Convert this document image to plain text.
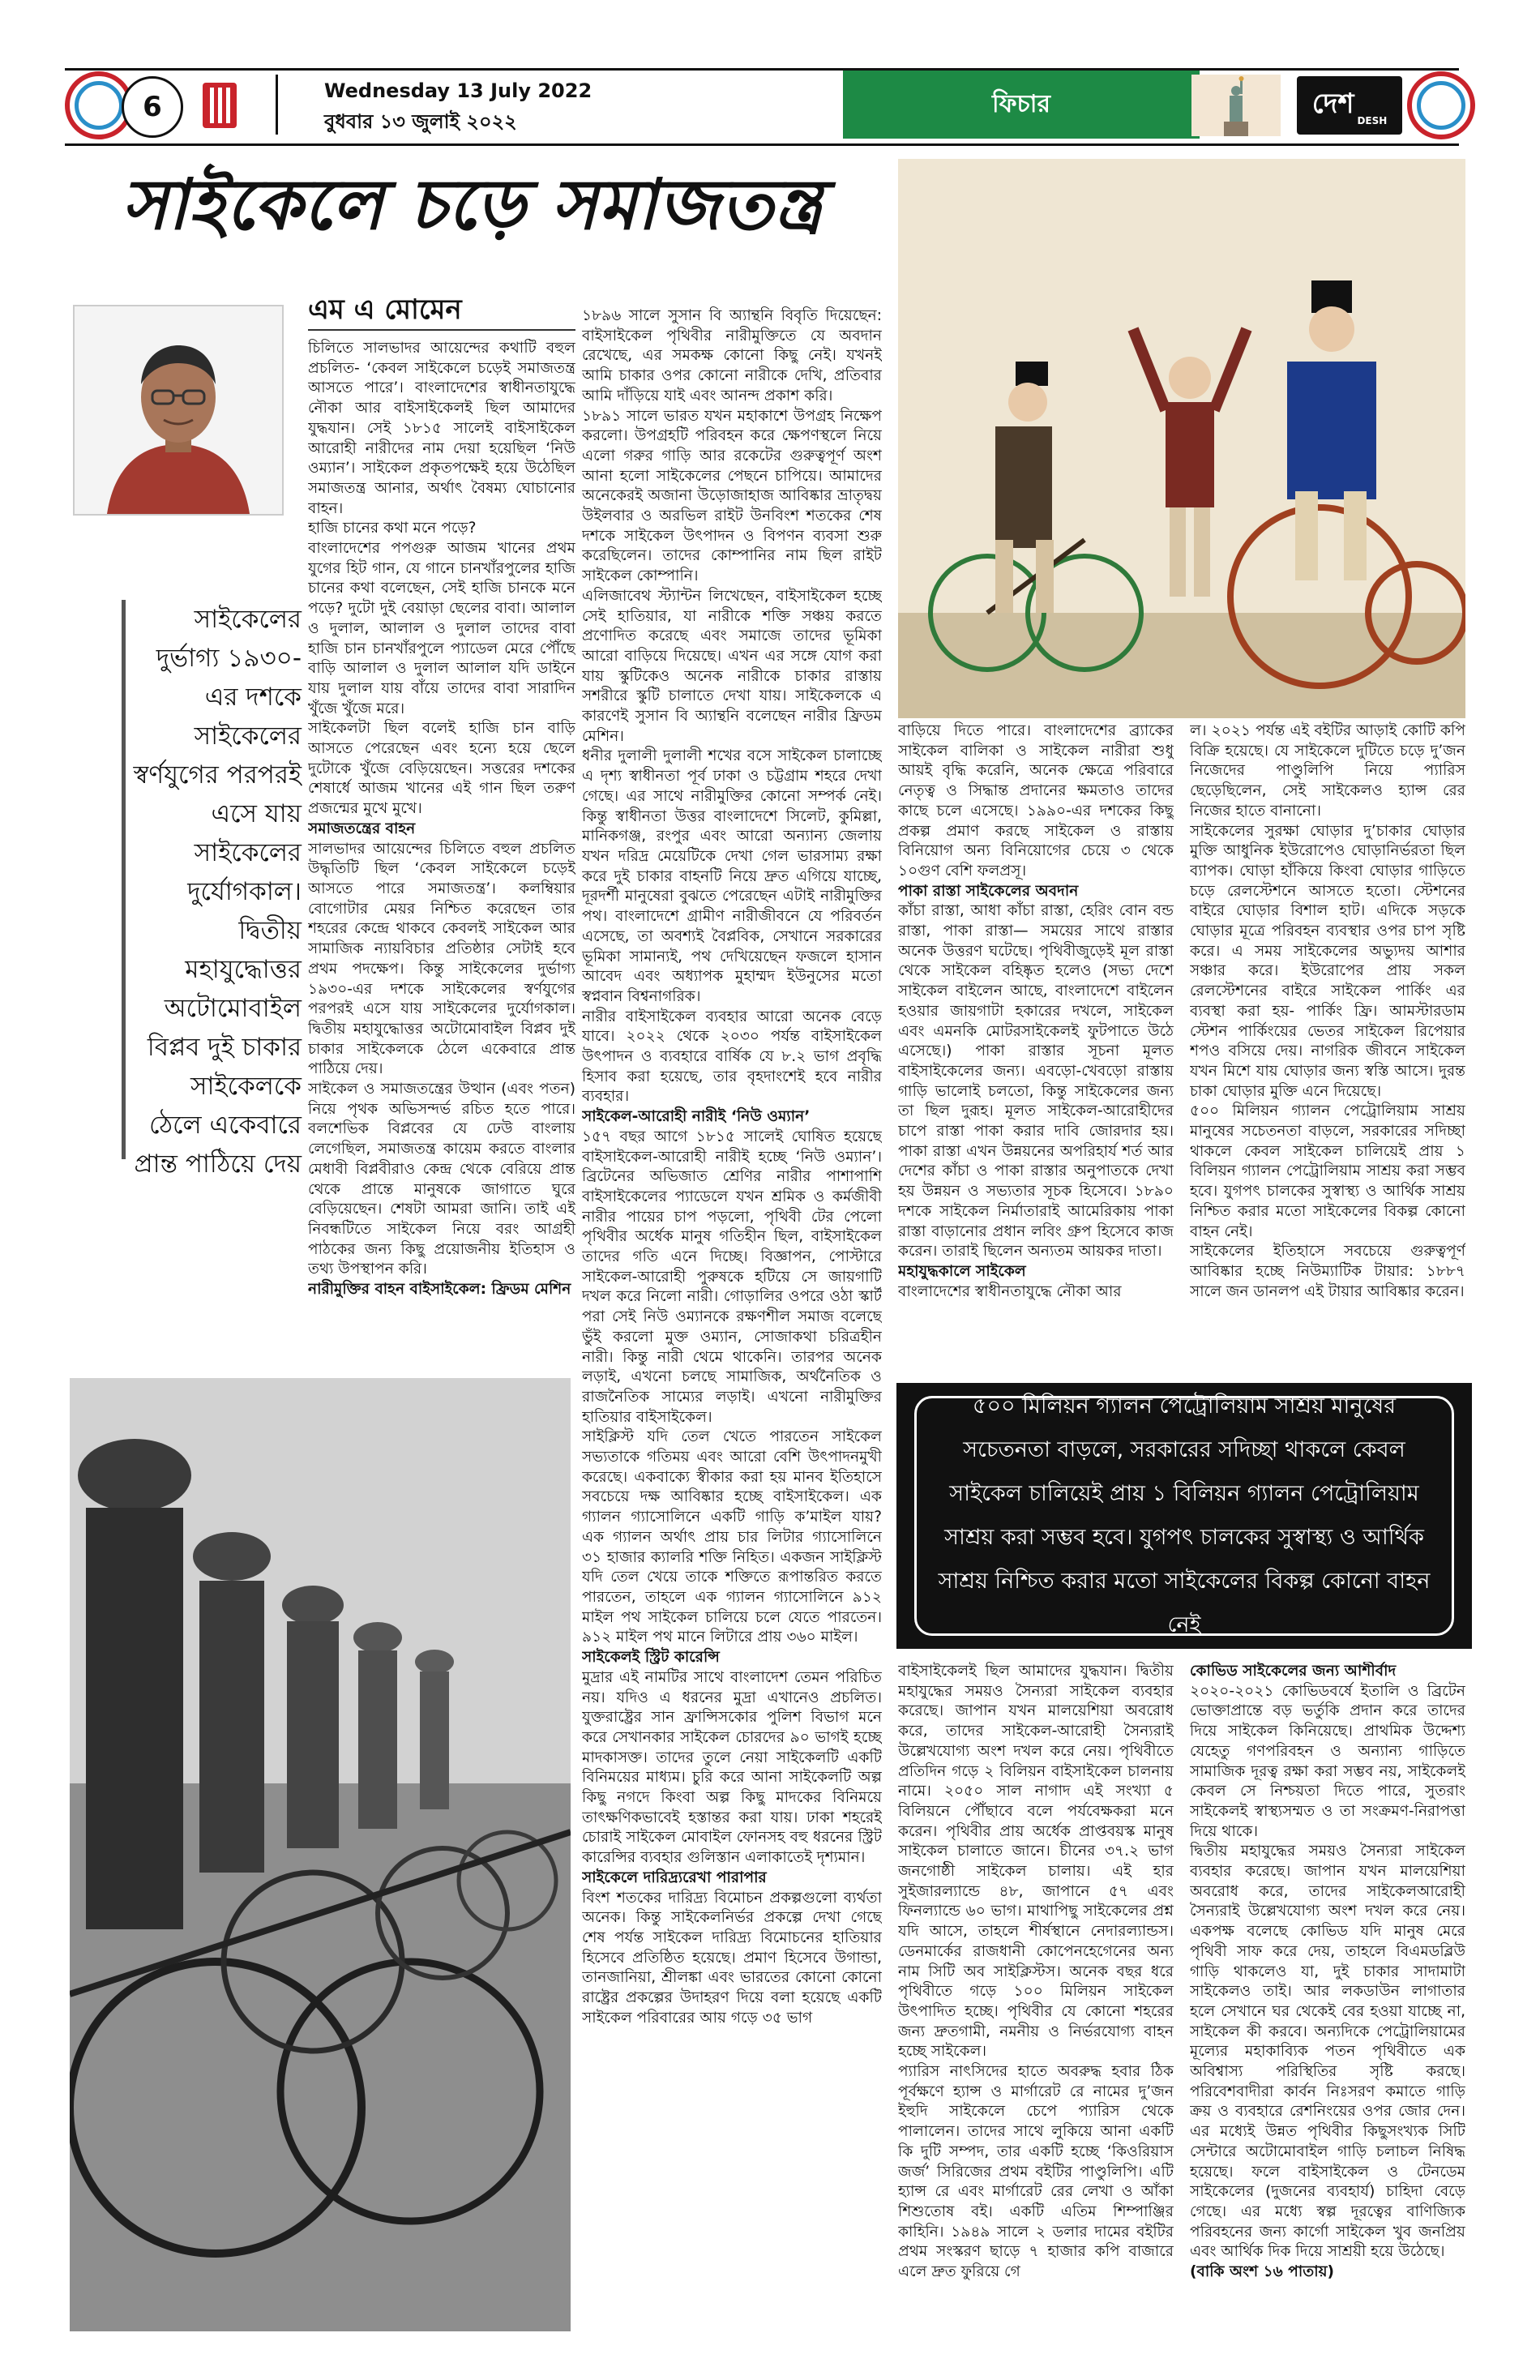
6	Wednesday 13 July 2022
বুধবার ১৩ জুলাই ২০২২
ফিচার	দেশ
DESH
সাইকেলে চড়ে সমাজতন্ত্র
এম এ মোমেন
সাইকেলের দুর্ভাগ্য ১৯৩০-এর দশকে সাইকেলের স্বর্ণযুগের পরপরই এসে যায় সাইকেলের দুর্যোগকাল। দ্বিতীয় মহাযুদ্ধোত্তর অটোমোবাইল বিপ্লব দুই চাকার সাইকেলকে ঠেলে একেবারে প্রান্ত পাঠিয়ে দেয়

চিলিতে সালভাদর আয়েন্দের কথাটি বহুল প্রচলিত- ‘কেবল সাইকেলে চড়েই সমাজতন্ত্র আসতে পারে’। বাংলাদেশের স্বাধীনতাযুদ্ধে নৌকা আর বাইসাইকেলই ছিল আমাদের যুদ্ধযান। সেই ১৮১৫ সালেই বাইসাইকেল আরোহী নারীদের নাম দেয়া হয়েছিল ‘নিউ ওম্যান’। সাইকেল প্রকৃতপক্ষেই হয়ে উঠেছিল সমাজতন্ত্র আনার, অর্থাৎ বৈষম্য ঘোচানোর বাহন।

হাজি চানের কথা মনে পড়ে?

বাংলাদেশের পপগুরু আজম খানের প্রথম যুগের হিট গান, যে গানে চানখাঁরপুলের হাজি চানের কথা বলেছেন, সেই হাজি চানকে মনে পড়ে? দুটো দুই বেয়াড়া ছেলের বাবা। আলাল ও দুলাল, আলাল ও দুলাল তাদের বাবা হাজি চান চানখাঁরপুলে প্যাডেল মেরে পৌঁছে বাড়ি আলাল ও দুলাল আলাল যদি ডাইনে যায় দুলাল যায় বাঁয়ে তাদের বাবা সারাদিন খুঁজে খুঁজে মরে।

সাইকেলটা ছিল বলেই হাজি চান বাড়ি আসতে পেরেছেন এবং হন্যে হয়ে ছেলে দুটোকে খুঁজে বেড়িয়েছেন। সত্তরের দশকের শেষার্ধে আজম খানের এই গান ছিল তরুণ প্রজন্মের মুখে মুখে।

সমাজতন্ত্রের বাহন

সালভাদর আয়েন্দের চিলিতে বহুল প্রচলিত উদ্ধৃতিটি ছিল ‘কেবল সাইকেলে চড়েই আসতে পারে সমাজতন্ত্র’। কলম্বিয়ার বোগোটার মেয়র নিশ্চিত করেছেন তার শহরের কেন্দ্রে থাকবে কেবলই সাইকেল আর সামাজিক ন্যায়বিচার প্রতিষ্ঠার সেটাই হবে প্রথম পদক্ষেপ। কিন্তু সাইকেলের দুর্ভাগ্য ১৯৩০-এর দশকে সাইকেলের স্বর্ণযুগের পরপরই এসে যায় সাইকেলের দুর্যোগকাল। দ্বিতীয় মহাযুদ্ধোত্তর অটোমোবাইল বিপ্লব দুই চাকার সাইকেলকে ঠেলে একেবারে প্রান্ত পাঠিয়ে দেয়।

সাইকেল ও সমাজতন্ত্রের উত্থান (এবং পতন) নিয়ে পৃথক অভিসন্দর্ভ রচিত হতে পারে। বলশেভিক বিপ্লবের যে ঢেউ বাংলায় লেগেছিল, সমাজতন্ত্র কায়েম করতে বাংলার মেধাবী বিপ্লবীরাও কেন্দ্র থেকে বেরিয়ে প্রান্ত থেকে প্রান্তে মানুষকে জাগাতে ঘুরে বেড়িয়েছেন। শেষটা আমরা জানি। তাই এই নিবন্ধটিতে সাইকেল নিয়ে বরং আগ্রহী পাঠকের জন্য কিছু প্রয়োজনীয় ইতিহাস ও তথ্য উপস্থাপন করি।

নারীমুক্তির বাহন বাইসাইকেল: ফ্রিডম মেশিন

১৮৯৬ সালে সুসান বি অ্যান্থনি বিবৃতি দিয়েছেন: বাইসাইকেল পৃথিবীর নারীমুক্তিতে যে অবদান রেখেছে, এর সমকক্ষ কোনো কিছু নেই। যখনই আমি চাকার ওপর কোনো নারীকে দেখি, প্রতিবার আমি দাঁড়িয়ে যাই এবং আনন্দ প্রকাশ করি।

১৮৯১ সালে ভারত যখন মহাকাশে উপগ্রহ নিক্ষেপ করলো। উপগ্রহটি পরিবহন করে ক্ষেপণস্থলে নিয়ে এলো গরুর গাড়ি আর রকেটের গুরুত্বপূর্ণ অংশ আনা হলো সাইকেলের পেছনে চাপিয়ে। আমাদের অনেকেরই অজানা উড়োজাহাজ আবিষ্কার ভ্রাতৃদ্বয় উইলবার ও অরভিল রাইট উনবিংশ শতকের শেষ দশকে সাইকেল উৎপাদন ও বিপণন ব্যবসা শুরু করেছিলেন। তাদের কোম্পানির নাম ছিল রাইট সাইকেল কোম্পানি।

এলিজাবেথ স্ট্যান্টন লিখেছেন, বাইসাইকেল হচ্ছে সেই হাতিয়ার, যা নারীকে শক্তি সঞ্চয় করতে প্রণোদিত করেছে এবং সমাজে তাদের ভূমিকা আরো বাড়িয়ে দিয়েছে। এখন এর সঙ্গে যোগ করা যায় স্কুটিকেও অনেক নারীকে চাকার রাস্তায় সশরীরে স্কুটি চালাতে দেখা যায়। সাইকেলকে এ কারণেই সুসান বি অ্যান্থনি বলেছেন নারীর ফ্রিডম মেশিন।

ধনীর দুলালী দুলালী শখের বসে সাইকেল চালাচ্ছে এ দৃশ্য স্বাধীনতা পূর্ব ঢাকা ও চট্টগ্রাম শহরে দেখা গেছে। এর সাথে নারীমুক্তির কোনো সম্পর্ক নেই। কিন্তু স্বাধীনতা উত্তর বাংলাদেশে সিলেট, কুমিল্লা, মানিকগঞ্জ, রংপুর এবং আরো অন্যান্য জেলায় যখন দরিদ্র মেয়েটিকে দেখা গেল ভারসাম্য রক্ষা করে দুই চাকার বাহনটি নিয়ে দ্রুত এগিয়ে যাচ্ছে, দূরদর্শী মানুষেরা বুঝতে পেরেছেন এটাই নারীমুক্তির পথ। বাংলাদেশে গ্রামীণ নারীজীবনে যে পরিবর্তন এসেছে, তা অবশ্যই বৈপ্লবিক, সেখানে সরকারের ভূমিকা সামান্যই, পথ দেখিয়েছেন ফজলে হাসান আবেদ এবং অধ্যাপক মুহাম্মদ ইউনুসের মতো স্বপ্নবান বিশ্বনাগরিক।

নারীর বাইসাইকেল ব্যবহার আরো অনেক বেড়ে যাবে। ২০২২ থেকে ২০৩০ পর্যন্ত বাইসাইকেল উৎপাদন ও ব্যবহারে বার্ষিক যে ৮.২ ভাগ প্রবৃদ্ধি হিসাব করা হয়েছে, তার বৃহদাংশেই হবে নারীর ব্যবহার।

সাইকেল-আরোহী নারীই ‘নিউ ওম্যান’

১৫৭ বছর আগে ১৮১৫ সালেই ঘোষিত হয়েছে বাইসাইকেল-আরোহী নারীই হচ্ছে ‘নিউ ওম্যান’। ব্রিটেনের অভিজাত শ্রেণির নারীর পাশাপাশি বাইসাইকেলের প্যাডেলে যখন শ্রমিক ও কর্মজীবী নারীর পায়ের চাপ পড়লো, পৃথিবী টের পেলো পৃথিবীর অর্ধেক মানুষ গতিহীন ছিল, বাইসাইকেল তাদের গতি এনে দিচ্ছে। বিজ্ঞাপন, পোস্টারে সাইকেল-আরোহী পুরুষকে হটিয়ে সে জায়গাটি দখল করে নিলো নারী। গোড়ালির ওপরে ওঠা স্কার্ট পরা সেই নিউ ওম্যানকে রক্ষণশীল সমাজ বলেছে ভুঁই করলো মুক্ত ওম্যান, সোজাকথা চরিত্রহীন নারী। কিন্তু নারী থেমে থাকেনি। তারপর অনেক লড়াই, এখনো চলছে সামাজিক, অর্থনৈতিক ও রাজনৈতিক সাম্যের লড়াই। এখনো নারীমুক্তির হাতিয়ার বাইসাইকেল।

সাইক্লিস্ট যদি তেল খেতে পারতেন সাইকেল সভ্যতাকে গতিময় এবং আরো বেশি উৎপাদনমুখী করেছে। একবাক্যে স্বীকার করা হয় মানব ইতিহাসে সবচেয়ে দক্ষ আবিষ্কার হচ্ছে বাইসাইকেল। এক গ্যালন গ্যাসোলিনে একটি গাড়ি ক’মাইল যায়? এক গ্যালন অর্থাৎ প্রায় চার লিটার গ্যাসোলিনে ৩১ হাজার ক্যালরি শক্তি নিহিত। একজন সাইক্লিস্ট যদি তেল খেয়ে তাকে শক্তিতে রূপান্তরিত করতে পারতেন, তাহলে এক গ্যালন গ্যাসোলিনে ৯১২ মাইল পথ সাইকেল চালিয়ে চলে যেতে পারতেন। ৯১২ মাইল পথ মানে লিটারে প্রায় ৩৬০ মাইল।

সাইকেলই স্ট্রিট কারেন্সি

মুদ্রার এই নামটির সাথে বাংলাদেশ তেমন পরিচিত নয়। যদিও এ ধরনের মুদ্রা এখানেও প্রচলিত। যুক্তরাষ্ট্রের সান ফ্রান্সিসকোর পুলিশ বিভাগ মনে করে সেখানকার সাইকেল চোরদের ৯০ ভাগই হচ্ছে মাদকাসক্ত। তাদের তুলে নেয়া সাইকেলটি একটি বিনিময়ের মাধ্যম। চুরি করে আনা সাইকেলটি অল্প কিছু নগদে কিংবা অল্প কিছু মাদকের বিনিময়ে তাৎক্ষণিকভাবেই হস্তান্তর করা যায়। ঢাকা শহরেই চোরাই সাইকেল মোবাইল ফোনসহ বহু ধরনের স্ট্রিট কারেন্সির ব্যবহার গুলিস্তান এলাকাতেই দৃশ্যমান।

সাইকেলে দারিদ্র্যরেখা পারাপার

বিংশ শতকের দারিদ্র্য বিমোচন প্রকল্পগুলো ব্যর্থতা অনেক। কিন্তু সাইকেলনির্ভর প্রকল্পে দেখা গেছে শেষ পর্যন্ত সাইকেল দারিদ্র্য বিমোচনের হাতিয়ার হিসেবে প্রতিষ্ঠিত হয়েছে। প্রমাণ হিসেবে উগান্ডা, তানজানিয়া, শ্রীলঙ্কা এবং ভারতের কোনো কোনো রাষ্ট্রের প্রকল্পের উদাহরণ দিয়ে বলা হয়েছে একটি সাইকেল পরিবারের আয় গড়ে ৩৫ ভাগ

বাড়িয়ে দিতে পারে। বাংলাদেশের ব্র্যাকের সাইকেল বালিকা ও সাইকেল নারীরা শুধু আয়ই বৃদ্ধি করেনি, অনেক ক্ষেত্রে পরিবারে নেতৃত্ব ও সিদ্ধান্ত প্রদানের ক্ষমতাও তাদের কাছে চলে এসেছে। ১৯৯০-এর দশকের কিছু প্রকল্প প্রমাণ করছে সাইকেল ও রাস্তায় বিনিয়োগ অন্য বিনিয়োগের চেয়ে ৩ থেকে ১০গুণ বেশি ফলপ্রসূ।

পাকা রাস্তা সাইকেলের অবদান

কাঁচা রাস্তা, আধা কাঁচা রাস্তা, হেরিং বোন বন্ড রাস্তা, পাকা রাস্তা— সময়ের সাথে রাস্তার অনেক উত্তরণ ঘটেছে। পৃথিবীজুড়েই মূল রাস্তা থেকে সাইকেল বহিষ্কৃত হলেও (সভ্য দেশে সাইকেল বাইলেন আছে, বাংলাদেশে বাইলেন হওয়ার জায়গাটা হকারের দখলে, সাইকেল এবং এমনকি মোটরসাইকেলই ফুটপাতে উঠে এসেছে।) পাকা রাস্তার সূচনা মূলত বাইসাইকেলের জন্য। এবড়ো-খেবড়ো রাস্তায় গাড়ি ভালোই চলতো, কিন্তু সাইকেলের জন্য তা ছিল দুরূহ। মূলত সাইকেল-আরোহীদের চাপে রাস্তা পাকা করার দাবি জোরদার হয়। পাকা রাস্তা এখন উন্নয়নের অপরিহার্য শর্ত আর দেশের কাঁচা ও পাকা রাস্তার অনুপাতকে দেখা হয় উন্নয়ন ও সভ্যতার সূচক হিসেবে। ১৮৯০ দশকে সাইকেল নির্মাতারাই আমেরিকায় পাকা রাস্তা বাড়ানোর প্রধান লবিং গ্রুপ হিসেবে কাজ করেন। তারাই ছিলেন অন্যতম আয়কর দাতা।

মহাযুদ্ধকালে সাইকেল

বাংলাদেশের স্বাধীনতাযুদ্ধে নৌকা আর

ল। ২০২১ পর্যন্ত এই বইটির আড়াই কোটি কপি বিক্রি হয়েছে। যে সাইকেলে দুটিতে চড়ে দু’জন নিজেদের পাণ্ডুলিপি নিয়ে প্যারিস ছেড়েছিলেন, সেই সাইকেলও হ্যান্স রের নিজের হাতে বানানো।

সাইকেলের সুরক্ষা ঘোড়ার দু’চাকার ঘোড়ার মুক্তি আধুনিক ইউরোপেও ঘোড়ানির্ভরতা ছিল ব্যাপক। ঘোড়া হাঁকিয়ে কিংবা ঘোড়ার গাড়িতে চড়ে রেলস্টেশনে আসতে হতো। স্টেশনের বাইরে ঘোড়ার বিশাল হাট। এদিকে সড়কে ঘোড়ার মূত্রে পরিবহন ব্যবস্থার ওপর চাপ সৃষ্টি করে। এ সময় সাইকেলের অভ্যুদয় আশার সঞ্চার করে। ইউরোপের প্রায় সকল রেলস্টেশনের বাইরে সাইকেল পার্কিং এর ব্যবস্থা করা হয়- পার্কিং ফ্রি। আমস্টারডাম স্টেশন পার্কিংয়ের ভেতর সাইকেল রিপেয়ার শপও বসিয়ে দেয়। নাগরিক জীবনে সাইকেল যখন মিশে যায় ঘোড়ার জন্য স্বস্তি আসে। দুরন্ত চাকা ঘোড়ার মুক্তি এনে দিয়েছে।

৫০০ মিলিয়ন গ্যালন পেট্রোলিয়াম সাশ্রয় মানুষের সচেতনতা বাড়লে, সরকারের সদিচ্ছা থাকলে কেবল সাইকেল চালিয়েই প্রায় ১ বিলিয়ন গ্যালন পেট্রোলিয়াম সাশ্রয় করা সম্ভব হবে। যুগপৎ চালকের সুস্বাস্থ্য ও আর্থিক সাশ্রয় নিশ্চিত করার মতো সাইকেলের বিকল্প কোনো বাহন নেই।

সাইকেলের ইতিহাসে সবচেয়ে গুরুত্বপূর্ণ আবিষ্কার হচ্ছে নিউম্যাটিক টায়ার: ১৮৮৭ সালে জন ডানলপ এই টায়ার আবিষ্কার করেন।

৫০০ মিলিয়ন গ্যালন পেট্রোলিয়াম সাশ্রয় মানুষের সচেতনতা বাড়লে, সরকারের সদিচ্ছা থাকলে কেবল সাইকেল চালিয়েই প্রায় ১ বিলিয়ন গ্যালন পেট্রোলিয়াম সাশ্রয় করা সম্ভব হবে। যুগপৎ চালকের সুস্বাস্থ্য ও আর্থিক সাশ্রয় নিশ্চিত করার মতো সাইকেলের বিকল্প কোনো বাহন নেই

বাইসাইকেলই ছিল আমাদের যুদ্ধযান। দ্বিতীয় মহাযুদ্ধের সময়ও সৈন্যরা সাইকেল ব্যবহার করেছে। জাপান যখন মালয়েশিয়া অবরোধ করে, তাদের সাইকেল-আরোহী সৈন্যরাই উল্লেখযোগ্য অংশ দখল করে নেয়। পৃথিবীতে প্রতিদিন গড়ে ২ বিলিয়ন বাইসাইকেল চালনায় নামে। ২০৫০ সাল নাগাদ এই সংখ্যা ৫ বিলিয়নে পৌঁছাবে বলে পর্যবেক্ষকরা মনে করেন। পৃথিবীর প্রায় অর্ধেক প্রাপ্তবয়স্ক মানুষ সাইকেল চালাতে জানে। চীনের ৩৭.২ ভাগ জনগোষ্ঠী সাইকেল চালায়। এই হার সুইজারল্যান্ডে ৪৮, জাপানে ৫৭ এবং ফিনল্যান্ডে ৬০ ভাগ। মাথাপিছু সাইকেলের প্রশ্ন যদি আসে, তাহলে শীর্ষস্থানে নেদারল্যান্ডস। ডেনমার্কের রাজধানী কোপেনহেগেনের অন্য নাম সিটি অব সাইক্লিস্টস। অনেক বছর ধরে পৃথিবীতে গড়ে ১০০ মিলিয়ন সাইকেল উৎপাদিত হচ্ছে। পৃথিবীর যে কোনো শহরের জন্য দ্রুতগামী, নমনীয় ও নির্ভরযোগ্য বাহন হচ্ছে সাইকেল।

প্যারিস নাৎসিদের হাতে অবরুদ্ধ হবার ঠিক পূর্বক্ষণে হ্যান্স ও মার্গারেট রে নামের দু’জন ইহুদি সাইকেলে চেপে প্যারিস থেকে পালালেন। তাদের সাথে লুকিয়ে আনা একটি কি দুটি সম্পদ, তার একটি হচ্ছে ‘কিওরিয়াস জর্জ’ সিরিজের প্রথম বইটির পাণ্ডুলিপি। এটি হ্যান্স রে এবং মার্গারেট রের লেখা ও আঁকা শিশুতোষ বই। একটি এতিম শিম্পাঞ্জির কাহিনি। ১৯৪৯ সালে ২ ডলার দামের বইটির প্রথম সংস্করণ ছাড়ে ৭ হাজার কপি বাজারে এলে দ্রুত ফুরিয়ে গে

কোভিড সাইকেলের জন্য আশীর্বাদ

২০২০-২০২১ কোভিডবর্ষে ইতালি ও ব্রিটেন ভোক্তাপ্রান্তে বড় ভর্তুকি প্রদান করে তাদের দিয়ে সাইকেল কিনিয়েছে। প্রাথমিক উদ্দেশ্য যেহেতু গণপরিবহন ও অন্যান্য গাড়িতে সামাজিক দূরত্ব রক্ষা করা সম্ভব নয়, সাইকেলই কেবল সে নিশ্চয়তা দিতে পারে, সুতরাং সাইকেলই স্বাস্থ্যসম্মত ও তা সংক্রমণ-নিরাপত্তা দিয়ে থাকে।

দ্বিতীয় মহাযুদ্ধের সময়ও সৈন্যরা সাইকেল ব্যবহার করেছে। জাপান যখন মালয়েশিয়া অবরোধ করে, তাদের সাইকেলআরোহী সৈন্যরাই উল্লেখযোগ্য অংশ দখল করে নেয়। একপক্ষ বলেছে কোভিড যদি মানুষ মেরে পৃথিবী সাফ করে দেয়, তাহলে বিএমডব্লিউ গাড়ি থাকলেও যা, দুই চাকার সাদামাটা সাইকেলও তাই। আর লকডাউন লাগাতার হলে সেখানে ঘর থেকেই বের হওয়া যাচ্ছে না, সাইকেল কী করবে। অন্যদিকে পেট্রোলিয়ামের মূল্যের মহাকাব্যিক পতন পৃথিবীতে এক অবিশ্বাস্য পরিস্থিতির সৃষ্টি করছে। পরিবেশবাদীরা কার্বন নিঃসরণ কমাতে গাড়ি ক্রয় ও ব্যবহারে রেশনিংয়ের ওপর জোর দেন। এর মধ্যেই উন্নত পৃথিবীর কিছুসংখ্যক সিটি সেন্টারে অটোমোবাইল গাড়ি চলাচল নিষিদ্ধ হয়েছে। ফলে বাইসাইকেল ও টেনডেম সাইকেলের (দুজনের ব্যবহার্য) চাহিদা বেড়ে গেছে। এর মধ্যে স্বল্প দূরত্বের বাণিজ্যিক পরিবহনের জন্য কার্গো সাইকেল খুব জনপ্রিয় এবং আর্থিক দিক দিয়ে সাশ্রয়ী হয়ে উঠেছে।

(বাকি অংশ ১৬ পাতায়)
